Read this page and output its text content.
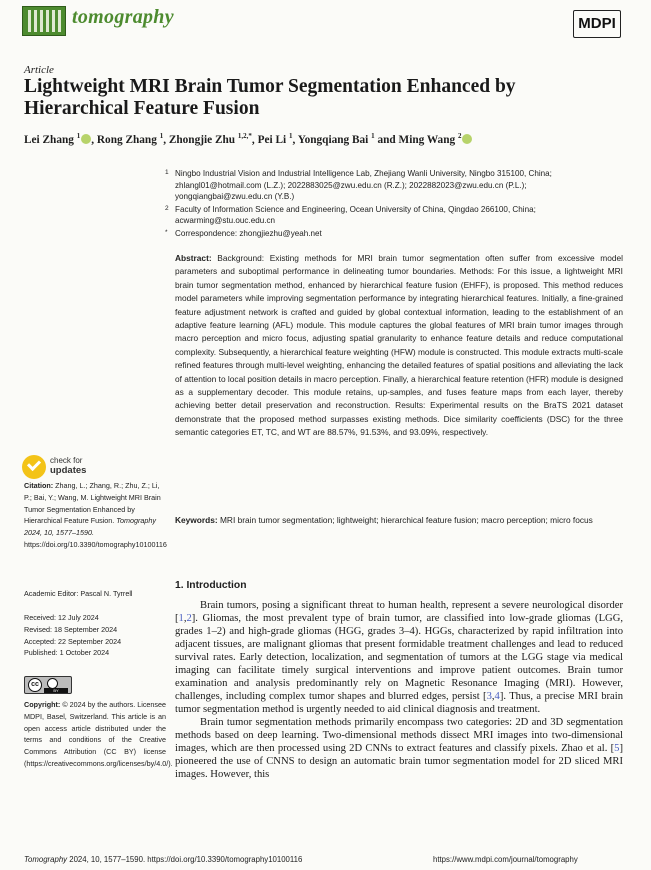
tomography	MDPI
Article
Lightweight MRI Brain Tumor Segmentation Enhanced by Hierarchical Feature Fusion
Lei Zhang $^1$ , Rong Zhang $^1$, Zhongjie Zhu $^{1,2,*}$, Pei Li $^1$, Yongqiang Bai $^1$ and Ming Wang $^2$
1 Ningbo Industrial Vision and Industrial Intelligence Lab, Zhejiang Wanli University, Ningbo 315100, China; zhlangl01@hotmail.com (L.Z.); 2022883025@zwu.edu.cn (R.Z.); 2022882023@zwu.edu.cn (P.L.); yongqiangbai@zwu.edu.cn (Y.B.)
2 Faculty of Information Science and Engineering, Ocean University of China, Qingdao 266100, China; acwarming@stu.ouc.edu.cn
* Correspondence: zhongjiezhu@yeah.net
Abstract: Background: Existing methods for MRI brain tumor segmentation often suffer from excessive model parameters and suboptimal performance in delineating tumor boundaries. Methods: For this issue, a lightweight MRI brain tumor segmentation method, enhanced by hierarchical feature fusion (EHFF), is proposed. This method reduces model parameters while improving segmentation performance by integrating hierarchical features. Initially, a fine-grained feature adjustment network is crafted and guided by global contextual information, leading to the establishment of an adaptive feature learning (AFL) module. This module captures the global features of MRI brain tumor images through macro perception and micro focus, adjusting spatial granularity to enhance feature details and reduce computational complexity. Subsequently, a hierarchical feature weighting (HFW) module is constructed. This module extracts multi-scale refined features through multi-level weighting, enhancing the detailed features of spatial positions and alleviating the lack of attention to local position details in macro perception. Finally, a hierarchical feature retention (HFR) module is designed as a supplementary decoder. This module retains, up-samples, and fuses feature maps from each layer, thereby achieving better detail preservation and reconstruction. Results: Experimental results on the BraTS 2021 dataset demonstrate that the proposed method surpasses existing methods. Dice similarity coefficients (DSC) for the three semantic categories ET, TC, and WT are 88.57%, 91.53%, and 93.09%, respectively.
Keywords: MRI brain tumor segmentation; lightweight; hierarchical feature fusion; macro perception; micro focus
check for
updates
Citation: Zhang, L.; Zhang, R.; Zhu, Z.; Li, P.; Bai, Y.; Wang, M. Lightweight MRI Brain Tumor Segmentation Enhanced by Hierarchical Feature Fusion. Tomography 2024, 10, 1577–1590. https://doi.org/10.3390/tomography10100116
Academic Editor: Pascal N. Tyrrell
Received: 12 July 2024
Revised: 18 September 2024
Accepted: 22 September 2024
Published: 1 October 2024
cc
BY
Copyright: © 2024 by the authors. Licensee MDPI, Basel, Switzerland. This article is an open access article distributed under the terms and conditions of the Creative Commons Attribution (CC BY) license (https://creativecommons.org/licenses/by/4.0/).
1. Introduction

Brain tumors, posing a significant threat to human health, represent a severe neurological disorder [1,2]. Gliomas, the most prevalent type of brain tumor, are classified into low-grade gliomas (LGG, grades 1–2) and high-grade gliomas (HGG, grades 3–4). HGGs, characterized by rapid infiltration into adjacent tissues, are malignant gliomas that present formidable treatment challenges and lead to reduced survival rates. Early detection, localization, and segmentation of tumors at the LGG stage via medical imaging can facilitate timely surgical interventions and improve patient outcomes. Brain tumor examination and analysis predominantly rely on Magnetic Resonance Imaging (MRI). However, challenges, including complex tumor shapes and blurred edges, persist [3,4]. Thus, a precise MRI brain tumor segmentation method is urgently needed to aid clinical diagnosis and treatment.

Brain tumor segmentation methods primarily encompass two categories: 2D and 3D segmentation methods based on deep learning. Two-dimensional methods dissect MRI images into two-dimensional images, which are then processed using 2D CNNs to extract features and classify pixels. Zhao et al. [5] pioneered the use of CNNS to design an automatic brain tumor segmentation model for 2D sliced MRI images. However, this

Tomography 2024, 10, 1577–1590. https://doi.org/10.3390/tomography10100116	https://www.mdpi.com/journal/tomography
